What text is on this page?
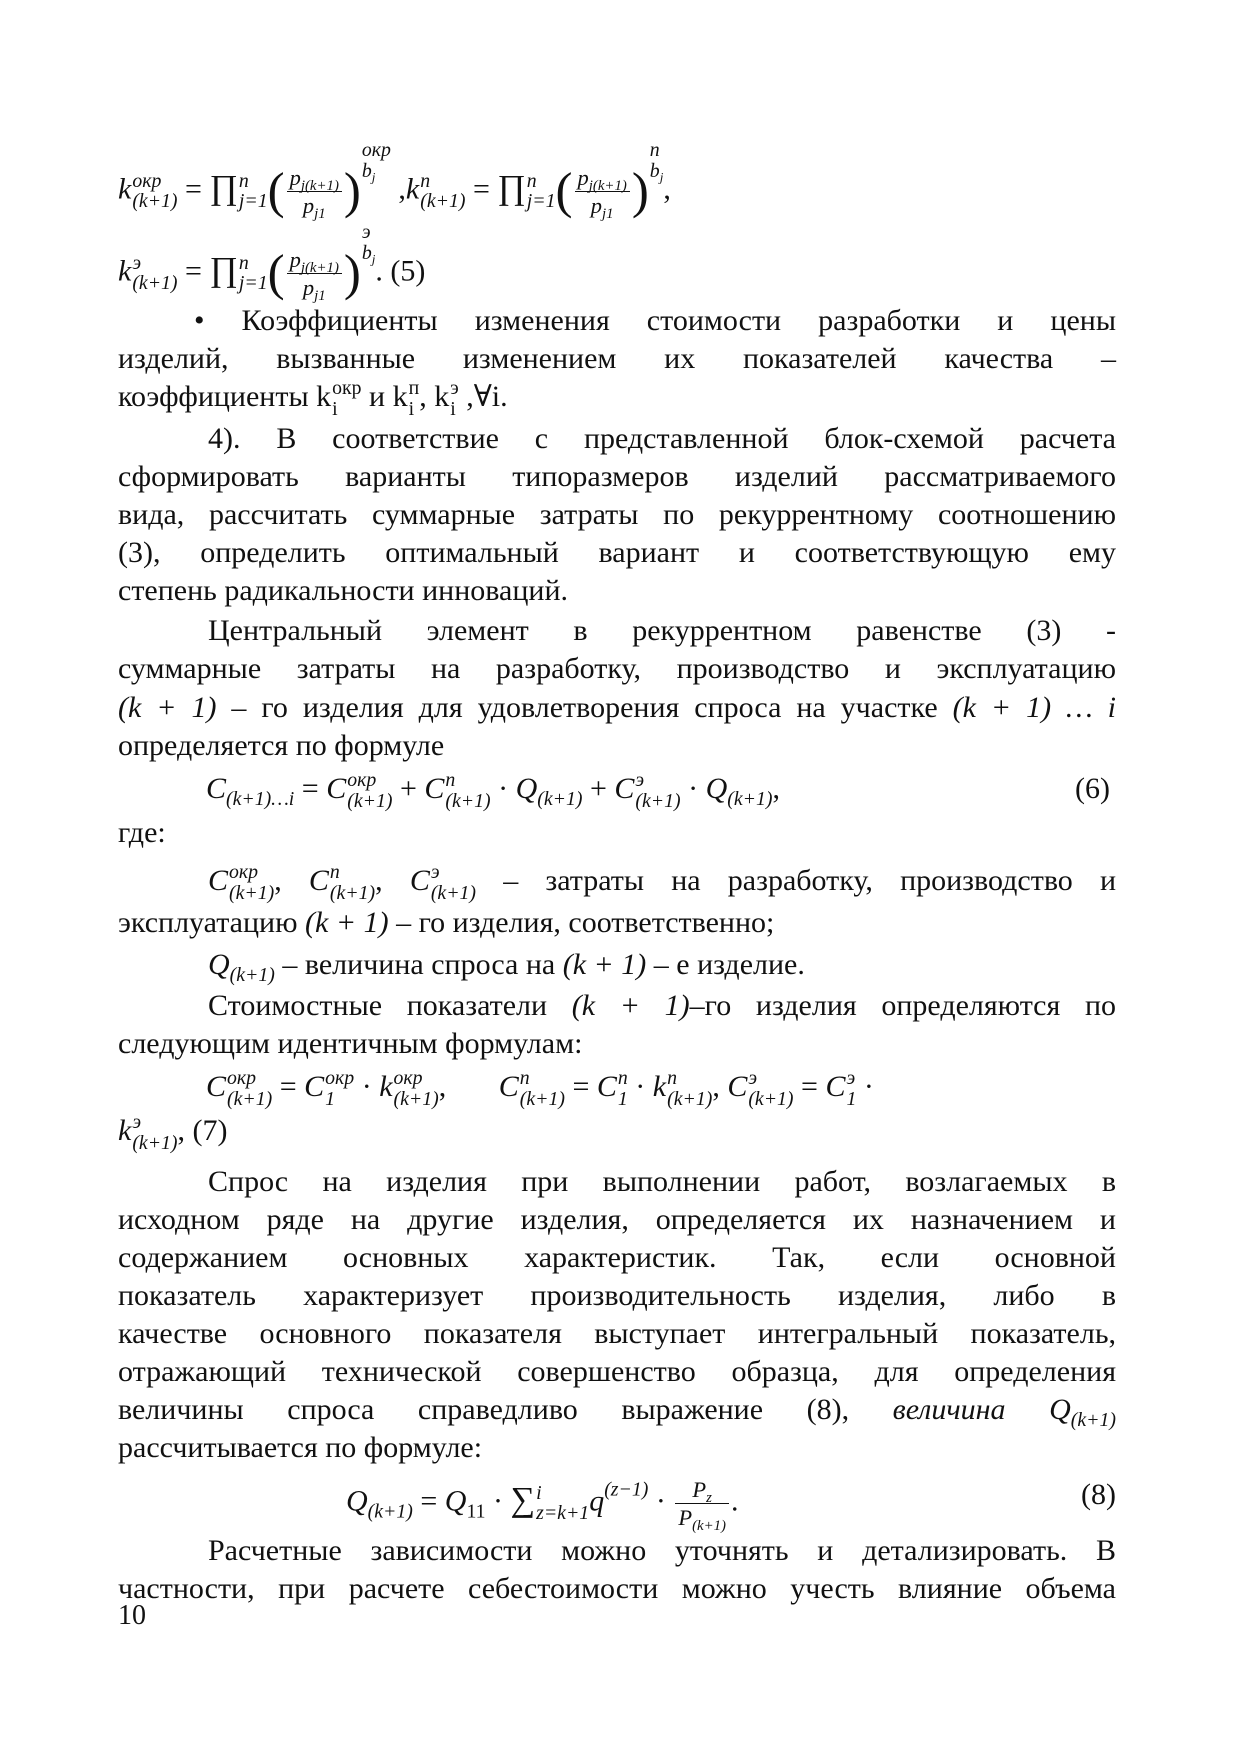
k окр
(k+1) = ∏ n
j=1 ( $\frac{p_{j(k+1)}}{p_{j1}}$ )
окр
$b_j$ ,k n
(k+1) = ∏ n
j=1 ( $\frac{p_{j(k+1)}}{p_{j1}}$ )
n
$b_j$ ,
k э
(k+1) = ∏ n
j=1 ( $\frac{p_{j(k+1)}}{p_{j1}}$ )
э
$b_j$ . (5)
• Коэффициенты изменения стоимости разработки и цены
изделий, вызванные изменением их показателей качества –
коэффициенты k окр
i и k п
i , k э
i ,∀i.
4). В соответствие с представленной блок-схемой расчета
сформировать варианты типоразмеров изделий рассматриваемого
вида, рассчитать суммарные затраты по рекуррентному соотношению
(3), определить оптимальный вариант и соответствующую ему
степень радикальности инноваций.
Центральный элемент в рекуррентном равенстве (3) -
суммарные затраты на разработку, производство и эксплуатацию
(k + 1) – го изделия для удовлетворения спроса на участке (k + 1) … i
определяется по формуле
$C_{(k+1)\dots i} = C$ окр
(k+1) + C п
$(k+1) \cdot Q_{(k+1)} + C$ э
$(k+1) \cdot Q_{(k+1)}$,	(6)
где:
C окр
(k+1) , C п
(k+1) , C э
(k+1) – затраты на разработку, производство и
эксплуатацию (k + 1) – го изделия, соответственно;
$Q_{(k+1)}$ – величина спроса на (k + 1) – е изделие.
Стоимостные показатели (k + 1)–го изделия определяются по
следующим идентичным формулам:
C окр
(k+1) = C окр
1 · k окр
(k+1) , C п
(k+1) = C п
1 · k п
(k+1) , C э
(k+1) = C э
1 ·
k э
(k+1) , (7)
Спрос на изделия при выполнении работ, возлагаемых в
исходном ряде на другие изделия, определяется их назначением и
содержанием основных характеристик. Так, если основной
показатель характеризует производительность изделия, либо в
качестве основного показателя выступает интегральный показатель,
отражающий технической совершенство образца, для определения
величины спроса справедливо выражение (8), величина $Q_{(k+1)}$
рассчитывается по формуле:
$Q_{(k+1)} = Q_{11}$ · ∑ i
z=k+1 $q^{(z-1)} \cdot \frac{P_z}{P_{(k+1)}}$ .	(8)
Расчетные зависимости можно уточнять и детализировать. В
частности, при расчете себестоимости можно учесть влияние объема
10
